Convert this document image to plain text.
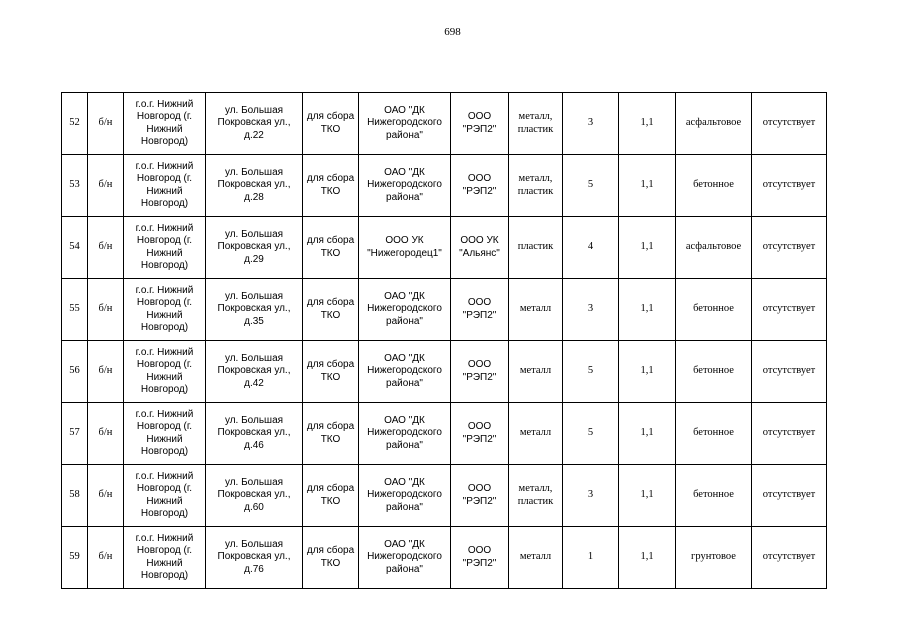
698
52	б/н	г.о.г. Нижний Новгород (г. Нижний Новгород)	ул. Большая Покровская ул., д.22	для сбора ТКО	ОАО "ДК Нижегородского района"	ООО "РЭП2"	металл, пластик	3	1,1	асфальтовое	отсутствует
53	б/н	г.о.г. Нижний Новгород (г. Нижний Новгород)	ул. Большая Покровская ул., д.28	для сбора ТКО	ОАО "ДК Нижегородского района"	ООО "РЭП2"	металл, пластик	5	1,1	бетонное	отсутствует
54	б/н	г.о.г. Нижний Новгород (г. Нижний Новгород)	ул. Большая Покровская ул., д.29	для сбора ТКО	ООО УК "Нижегородец1"	ООО УК "Альянс"	пластик	4	1,1	асфальтовое	отсутствует
55	б/н	г.о.г. Нижний Новгород (г. Нижний Новгород)	ул. Большая Покровская ул., д.35	для сбора ТКО	ОАО "ДК Нижегородского района"	ООО "РЭП2"	металл	3	1,1	бетонное	отсутствует
56	б/н	г.о.г. Нижний Новгород (г. Нижний Новгород)	ул. Большая Покровская ул., д.42	для сбора ТКО	ОАО "ДК Нижегородского района"	ООО "РЭП2"	металл	5	1,1	бетонное	отсутствует
57	б/н	г.о.г. Нижний Новгород (г. Нижний Новгород)	ул. Большая Покровская ул., д.46	для сбора ТКО	ОАО "ДК Нижегородского района"	ООО "РЭП2"	металл	5	1,1	бетонное	отсутствует
58	б/н	г.о.г. Нижний Новгород (г. Нижний Новгород)	ул. Большая Покровская ул., д.60	для сбора ТКО	ОАО "ДК Нижегородского района"	ООО "РЭП2"	металл, пластик	3	1,1	бетонное	отсутствует
59	б/н	г.о.г. Нижний Новгород (г. Нижний Новгород)	ул. Большая Покровская ул., д.76	для сбора ТКО	ОАО "ДК Нижегородского района"	ООО "РЭП2"	металл	1	1,1	грунтовое	отсутствует
